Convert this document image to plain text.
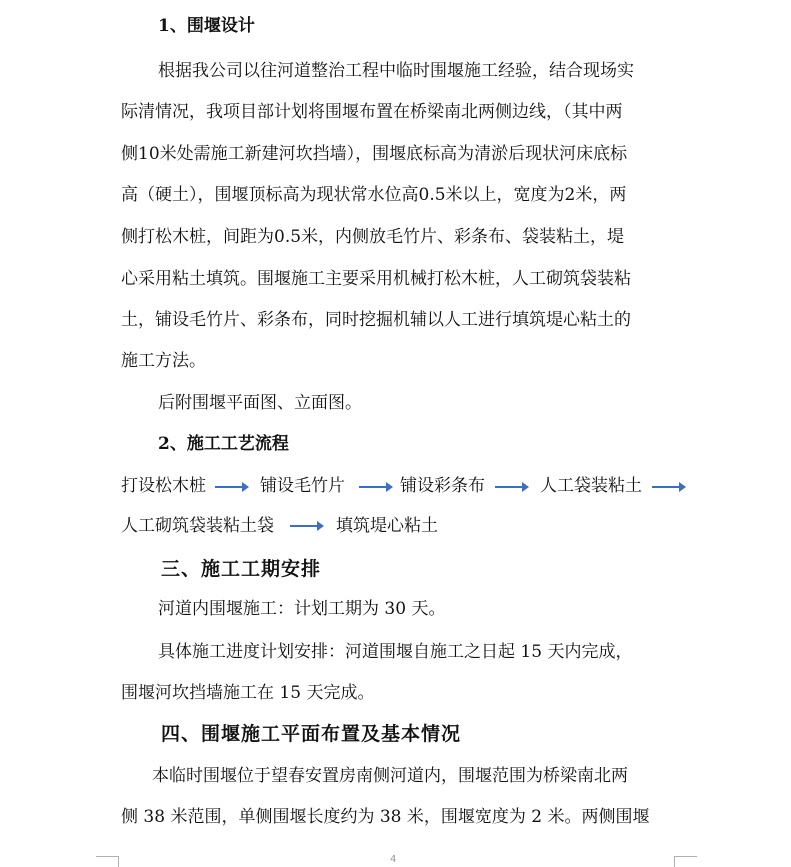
1、围堰设计
根据我公司以往河道整治工程中临时围堰施工经验，结合现场实
际清情况，我项目部计划将围堰布置在桥梁南北两侧边线，（其中两
侧10米处需施工新建河坎挡墙），围堰底标高为清淤后现状河床底标
高（硬土），围堰顶标高为现状常水位高0.5米以上，宽度为2米，两
侧打松木桩，间距为0.5米，内侧放毛竹片、彩条布、袋装粘土，堤
心采用粘土填筑。围堰施工主要采用机械打松木桩，人工砌筑袋装粘
土，铺设毛竹片、彩条布，同时挖掘机辅以人工进行填筑堤心粘土的
施工方法。
后附围堰平面图、立面图。
2、施工工艺流程
打设松木桩	铺设毛竹片	铺设彩条布	人工袋装粘土
人工砌筑袋装粘土袋	填筑堤心粘土
三、施工工期安排
河道内围堰施工：计划工期为 30 天。
具体施工进度计划安排：河道围堰自施工之日起 15 天内完成，
围堰河坎挡墙施工在 15 天完成。
四、围堰施工平面布置及基本情况
本临时围堰位于望春安置房南侧河道内，围堰范围为桥梁南北两
侧 38 米范围，单侧围堰长度约为 38 米，围堰宽度为 2 米。两侧围堰
4
